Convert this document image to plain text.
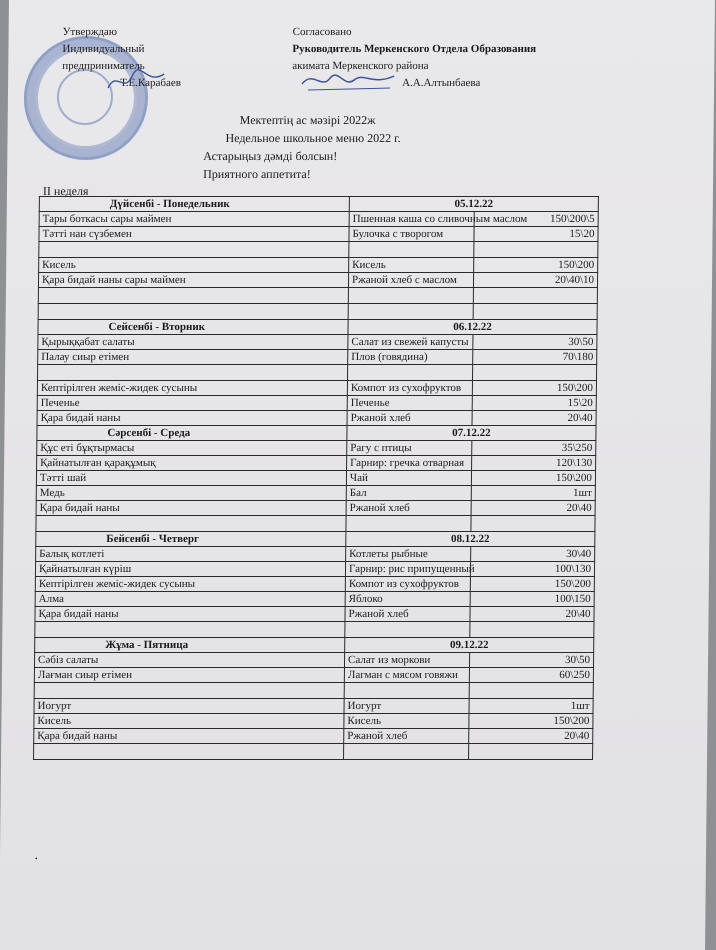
Утверждаю
Индивидуальный
предприниматель
Т.Е.Карабаев
Согласовано
Руководитель Меркенского Отдела Образования
акимата Меркенского района
А.А.Алтынбаева
Мектептің ас мәзірі 2022ж
Недельное школьное меню 2022 г.
Астарыңыз дәмді болсын!
Приятного аппетита!
II неделя
Дүйсенбі - Понедельник	05.12.22	
Тары боткасы сары маймен	Пшенная каша со сливочным маслом	150\200\5
Тәтті нан сүзбемен	Булочка с творогом	15\20

Кисель	Кисель	150\200
Қара бидай наны сары маймен	Ржаной хлеб с маслом	20\40\10

Сейсенбі - Вторник	06.12.22	
Қырыққабат салаты	Салат из свежей капусты	30\50
Палау сиыр етімен	Плов (говядина)	70\180

Кептірілген жеміс-жидек сусыны	Компот из сухофруктов	150\200
Печенье	Печенье	15\20
Қара бидай наны	Ржаной хлеб	20\40
Сәрсенбі - Среда	07.12.22	
Құс еті бұқтырмасы	Рагу с птицы	35\250
Қайнатылған қарақұмық	Гарнир: гречка отварная	120\130
Тәтті шай	Чай	150\200
Медь	Бал	1шт
Қара бидай наны	Ржаной хлеб	20\40

Бейсенбі - Четверг	08.12.22	
Балық котлеті	Котлеты рыбные	30\40
Қайнатылған күріш	Гарнир: рис припущенный	100\130
Кептірілген жеміс-жидек сусыны	Компот из сухофруктов	150\200
Алма	Яблоко	100\150
Қара бидай наны	Ржаной хлеб	20\40

Жұма - Пятница	09.12.22	
Сәбіз салаты	Салат из моркови	30\50
Лағман сиыр етімен	Лагман с мясом говяжи	60\250

Иогурт	Иогурт	1шт
Кисель	Кисель	150\200
Қара бидай наны	Ржаной хлеб	20\40

·
